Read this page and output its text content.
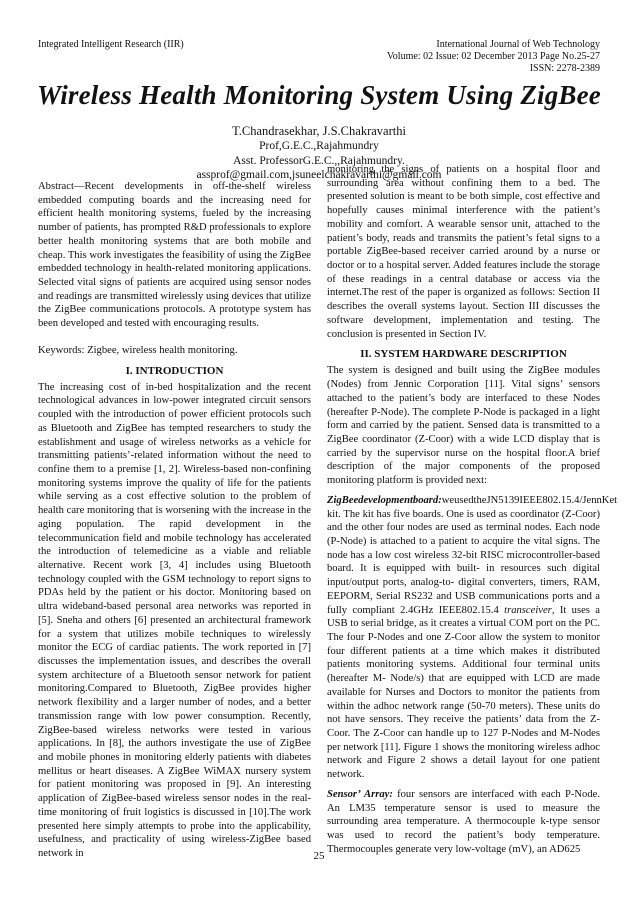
Integrated Intelligent Research (IIR)	International Journal of Web Technology
Volume: 02 Issue: 02 December 2013 Page No.25-27
ISSN: 2278-2389
Wireless Health Monitoring System Using ZigBee
T.Chandrasekhar, J.S.Chakravarthi
Prof,G.E.C.,Rajahmundry
Asst. ProfessorG.E.C.,,Rajahmundry.
assprof@gmail.com,jsuneelchakravarthi@gmail.com

Abstract—Recent developments in off-the-shelf wireless embedded computing boards and the increasing need for efficient health monitoring systems, fueled by the increasing number of patients, has prompted R&D professionals to explore better health monitoring systems that are both mobile and cheap. This work investigates the feasibility of using the ZigBee embedded technology in health-related monitoring applications. Selected vital signs of patients are acquired using sensor nodes and readings are transmitted wirelessly using devices that utilize the ZigBee communications protocols. A prototype system has been developed and tested with encouraging results.

Keywords: Zigbee, wireless health monitoring.

I. INTRODUCTION

The increasing cost of in-bed hospitalization and the recent technological advances in low-power integrated circuit sensors coupled with the introduction of power efficient protocols such as Bluetooth and ZigBee has tempted researchers to study the establishment and usage of wireless networks as a vehicle for transmitting patients’-related information without the need to confine them to a premise [1, 2]. Wireless-based non-confining monitoring systems improve the quality of life for the patients while serving as a cost effective solution to the problem of health care monitoring that is worsening with the increase in the aging population. The rapid development in the telecommunication field and mobile technology has accelerated the introduction of telemedicine as a viable and reliable alternative. Recent work [3, 4] includes using Bluetooth technology coupled with the GSM technology to report signs to PDAs held by the patient or his doctor. Monitoring based on ultra wideband-based personal area networks was reported in [5]. Sneha and others [6] presented an architectural framework for a system that utilizes mobile techniques to wirelessly monitor the ECG of cardiac patients. The work reported in [7] discusses the implementation issues, and describes the overall system architecture of a Bluetooth sensor network for patient monitoring.Compared to Bluetooth, ZigBee provides higher network flexibility and a larger number of nodes, and a better transmission range with low power consumption. Recently, ZigBee-based wireless networks were tested in various applications. In [8], the authors investigate the use of ZigBee and mobile phones in monitoring elderly patients with diabetes mellitus or heart diseases. A ZigBee WiMAX nursery system for patient monitoring was proposed in [9]. An interesting application of ZigBee-based wireless sensor nodes in the real-time monitoring of fruit logistics is discussed in [10].The work presented here simply attempts to probe into the applicability, usefulness, and practicality of using wireless-ZigBee based network in

monitoring the signs of patients on a hospital floor and surrounding area without confining them to a bed. The presented solution is meant to be both simple, cost effective and hopefully causes minimal interference with the patient’s mobility and comfort. A wearable sensor unit, attached to the patient’s body, reads and transmits the patient’s fetal signs to a portable ZigBee-based receiver carried around by a nurse or doctor or to a hospital server. Added features include the storage of these readings in a central database or access via the internet.The rest of the paper is organized as follows: Section II describes the overall systems layout. Section III discusses the software development, implementation and testing. The conclusion is presented in Section IV.

II. SYSTEM HARDWARE DESCRIPTION

The system is designed and built using the ZigBee modules (Nodes) from Jennic Corporation [11]. Vital signs’ sensors attached to the patient’s body are interfaced to these Nodes (hereafter P-Node). The complete P-Node is packaged in a light form and carried by the patient. Sensed data is transmitted to a ZigBee coordinator (Z-Coor) with a wide LCD display that is carried by the supervisor nurse on the hospital floor.A brief description of the major components of the proposed monitoring platform is provided next:

ZigBeedevelopmentboard:weusedtheJN5139IEEE802.15.4/JennKet kit. The kit has five boards. One is used as coordinator (Z-Coor) and the other four nodes are used as terminal nodes. Each node (P-Node) is attached to a patient to acquire the vital signs. The node has a low cost wireless 32-bit RISC microcontroller-based board. It is equipped with built- in resources such digital input/output ports, analog-to- digital converters, timers, RAM, EEPORM, Serial RS232 and USB communications ports and a fully compliant 2.4GHz IEEE802.15.4 transceiver, It uses a USB to serial bridge, as it creates a virtual COM port on the PC. The four P-Nodes and one Z-Coor allow the system to monitor four different patients at a time which makes it distributed patients monitoring systems. Additional four terminal units (hereafter M- Node/s) that are equipped with LCD are made available for Nurses and Doctors to monitor the patients from within the adhoc network range (50-70 meters). These units do not have sensors. They receive the patients’ data from the Z-Coor. The Z-Coor can handle up to 127 P-Nodes and M-Nodes per network [11]. Figure 1 shows the monitoring wireless adhoc network and Figure 2 shows a detail layout for one patient network.

Sensor’ Array: four sensors are interfaced with each P-Node. An LM35 temperature sensor is used to measure the surrounding area temperature. A thermocouple k-type sensor was used to record the patient’s body temperature. Thermocouples generate very low-voltage (mV), an AD625

25
